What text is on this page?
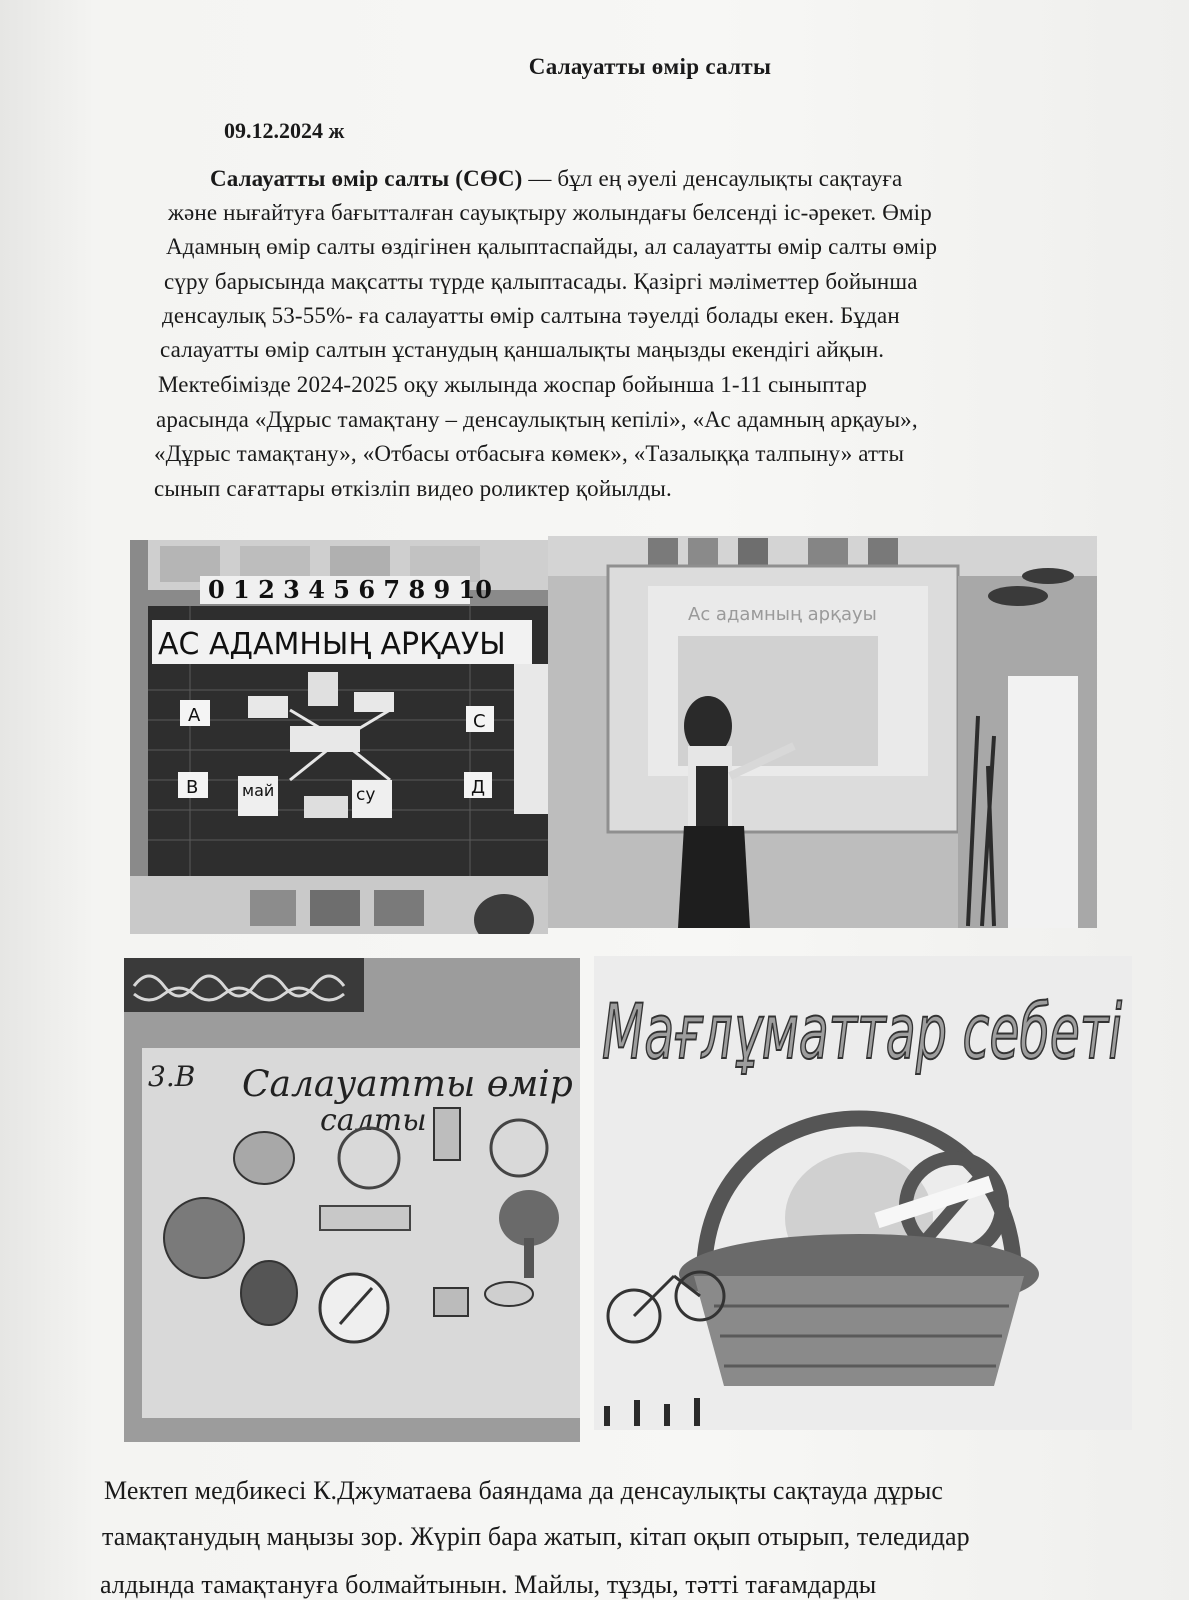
Салауатты өмір салты
09.12.2024 ж
Салауатты өмір салты (СӨС) — бұл ең әуелі денсаулықты сақтауға
және нығайтуға бағытталған сауықтыру жолындағы белсенді іс-әрекет. Өмір
Адамның өмір салты өздігінен қалыптаспайды, ал салауатты өмір салты өмір
сүру барысында мақсатты түрде қалыптасады. Қазіргі мәліметтер бойынша
денсаулық 53-55%- ға салауатты өмір салтына тәуелді болады екен. Бұдан
салауатты өмір салтын ұстанудың қаншалықты маңызды екендігі айқын.
Мектебімізде 2024-2025 оқу жылында жоспар бойынша 1-11 сыныптар
арасында «Дұрыс тамақтану – денсаулықтың кепілі», «Ас адамның арқауы»,
«Дұрыс тамақтану», «Отбасы отбасыға көмек», «Тазалыққа талпыну» атты
сынып сағаттары өткізліп видео роликтер қойылды.
0 1 2 3 4 5 6 7 8 9 10
АС АДАМНЫҢ АРҚАУЫ
А
В
С
Д
май	су
Ас адамның арқауы
3.В Салауатты өмір
салты
Мағлұматтар себеті
Мектеп медбикесі К.Джуматаева баяндама да денсаулықты сақтауда дұрыс
тамақтанудың маңызы зор. Жүріп бара жатып, кітап оқып отырып, теледидар
алдында тамақтануға болмайтынын. Майлы, тұзды, тәтті тағамдарды
